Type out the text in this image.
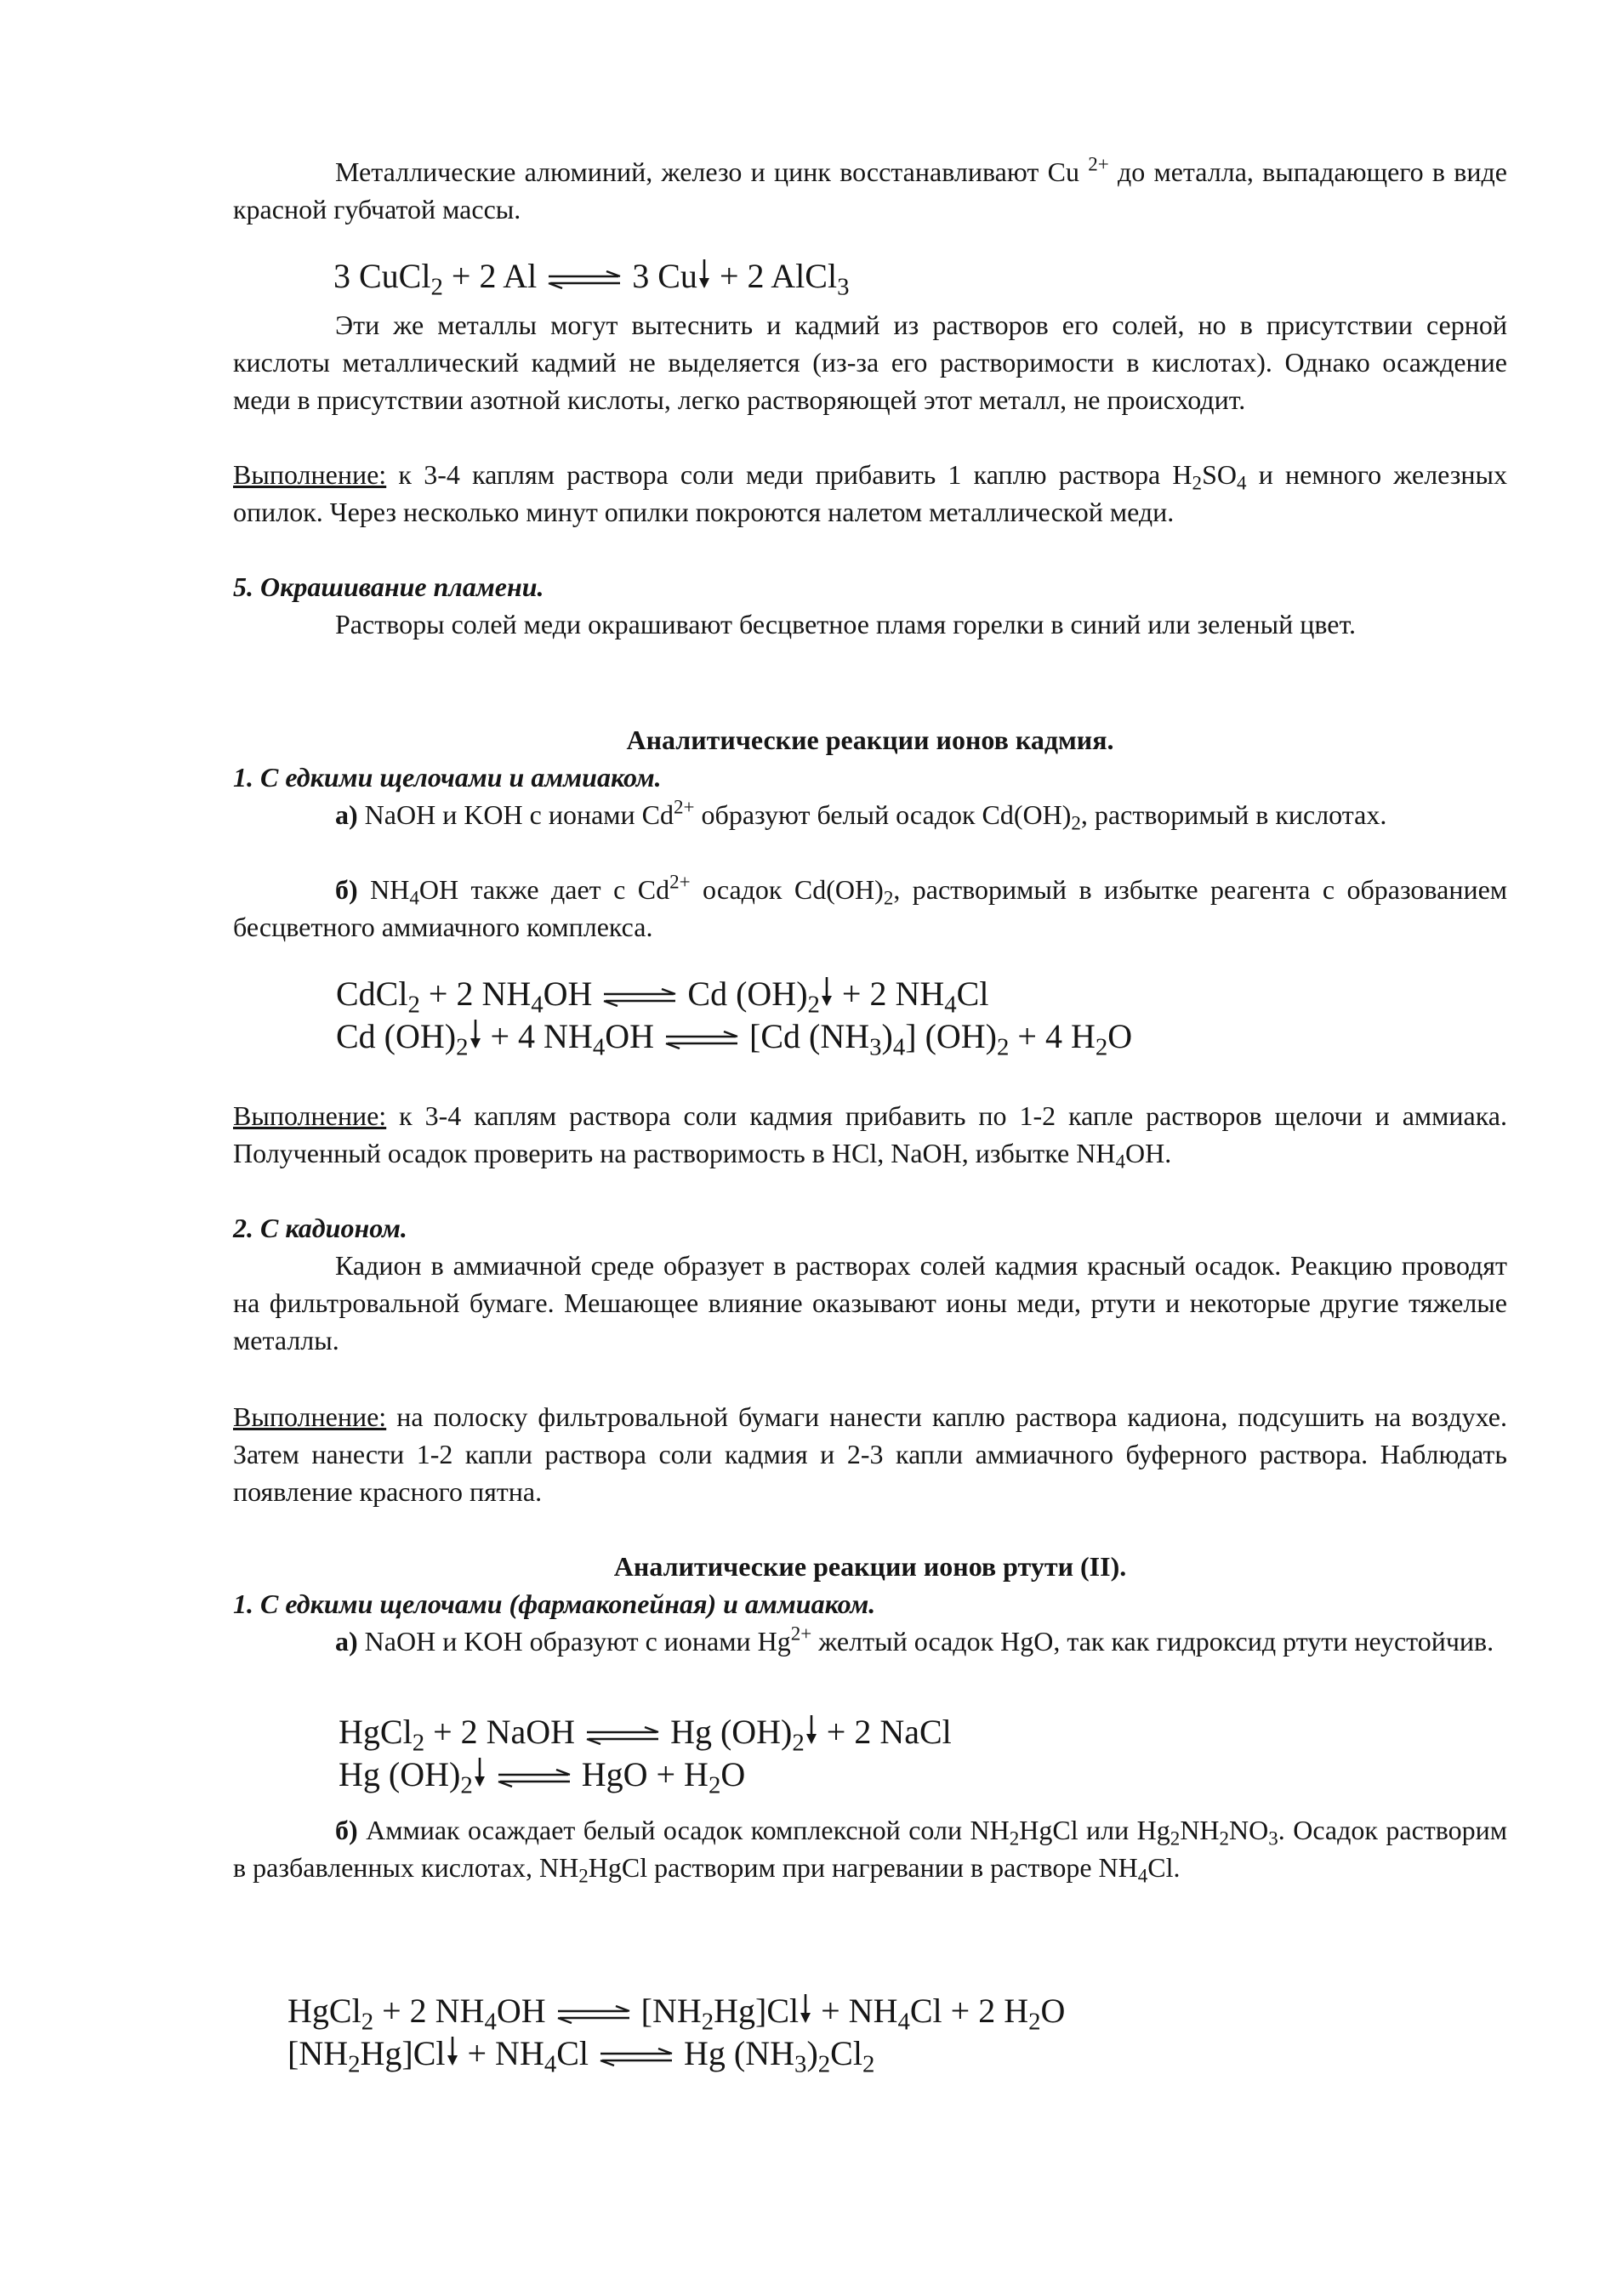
Металлические алюминий, железо и цинк восстанавливают Cu $^{2+}$ до металла, выпадающего в виде красной губчатой массы.
3 CuCl$_2$ + 2 Al ⇌ 3 Cu + 2 AlCl$_3$
Эти же металлы могут вытеснить и кадмий из растворов его солей, но в присутствии серной кислоты металлический кадмий не выделяется (из-за его растворимости в кислотах). Однако осаждение меди в присутствии азотной кислоты, легко растворяющей этот металл, не происходит.
Выполнение: к 3-4 каплям раствора соли меди прибавить 1 каплю раствора $H_2SO_4$ и немного железных опилок. Через несколько минут опилки покроются налетом металлической меди.
5. Окрашивание пламени.
Растворы солей меди окрашивают бесцветное пламя горелки в синий или зеленый цвет.
Аналитические реакции ионов кадмия.
1. С едкими щелочами и аммиаком.
а) NaOH и KOH с ионами $Cd^{2+}$ образуют белый осадок $Cd(OH)_2$, растворимый в кислотах.
б) $NH_4OH$ также дает с $Cd^{2+}$ осадок $Cd(OH)_2$, растворимый в избытке реагента с образованием бесцветного аммиачного комплекса.
CdCl$_2$ + 2 $NH_4OH$ ⇌ Cd $(OH)_2 + 2$ $NH_4Cl$
Cd $(OH)_2 + 4$ $NH_4OH$ ⇌ [Cd $(NH_3)_4$] $(OH)_2 + 4$ $H_2O$
Выполнение: к 3-4 каплям раствора соли кадмия прибавить по 1-2 капле растворов щелочи и аммиака. Полученный осадок проверить на растворимость в HCl, NaOH, избытке $NH_4OH$.
2. С кадионом.
Кадион в аммиачной среде образует в растворах солей кадмия красный осадок. Реакцию проводят на фильтровальной бумаге. Мешающее влияние оказывают ионы меди, ртути и некоторые другие тяжелые металлы.
Выполнение: на полоску фильтровальной бумаги нанести каплю раствора кадиона, подсушить на воздухе. Затем нанести 1-2 капли раствора соли кадмия и 2-3 капли аммиачного буферного раствора. Наблюдать появление красного пятна.
Аналитические реакции ионов ртути (II).
1. С едкими щелочами (фармакопейная) и аммиаком.
а) NaOH и KOH образуют с ионами $Hg^{2+}$ желтый осадок HgO, так как гидроксид ртути неустойчив.
HgCl$_2$ + 2 NaOH ⇌ Hg $(OH)_2 + 2$ NaCl
Hg $(OH)_2$ ⇌ HgO + $H_2O$
б) Аммиак осаждает белый осадок комплексной соли $NH_2HgCl$ или $Hg_2NH_2NO_3$. Осадок растворим в разбавленных кислотах, $NH_2HgCl$ растворим при нагревании в растворе $NH_4Cl$.
HgCl$_2$ + 2 $NH_4OH$ ⇌ $[NH_2Hg]Cl + NH_4Cl + 2$ $H_2O$
$[NH_2Hg]Cl + NH_4Cl$ ⇌ Hg $(NH_3)_2Cl_2$
